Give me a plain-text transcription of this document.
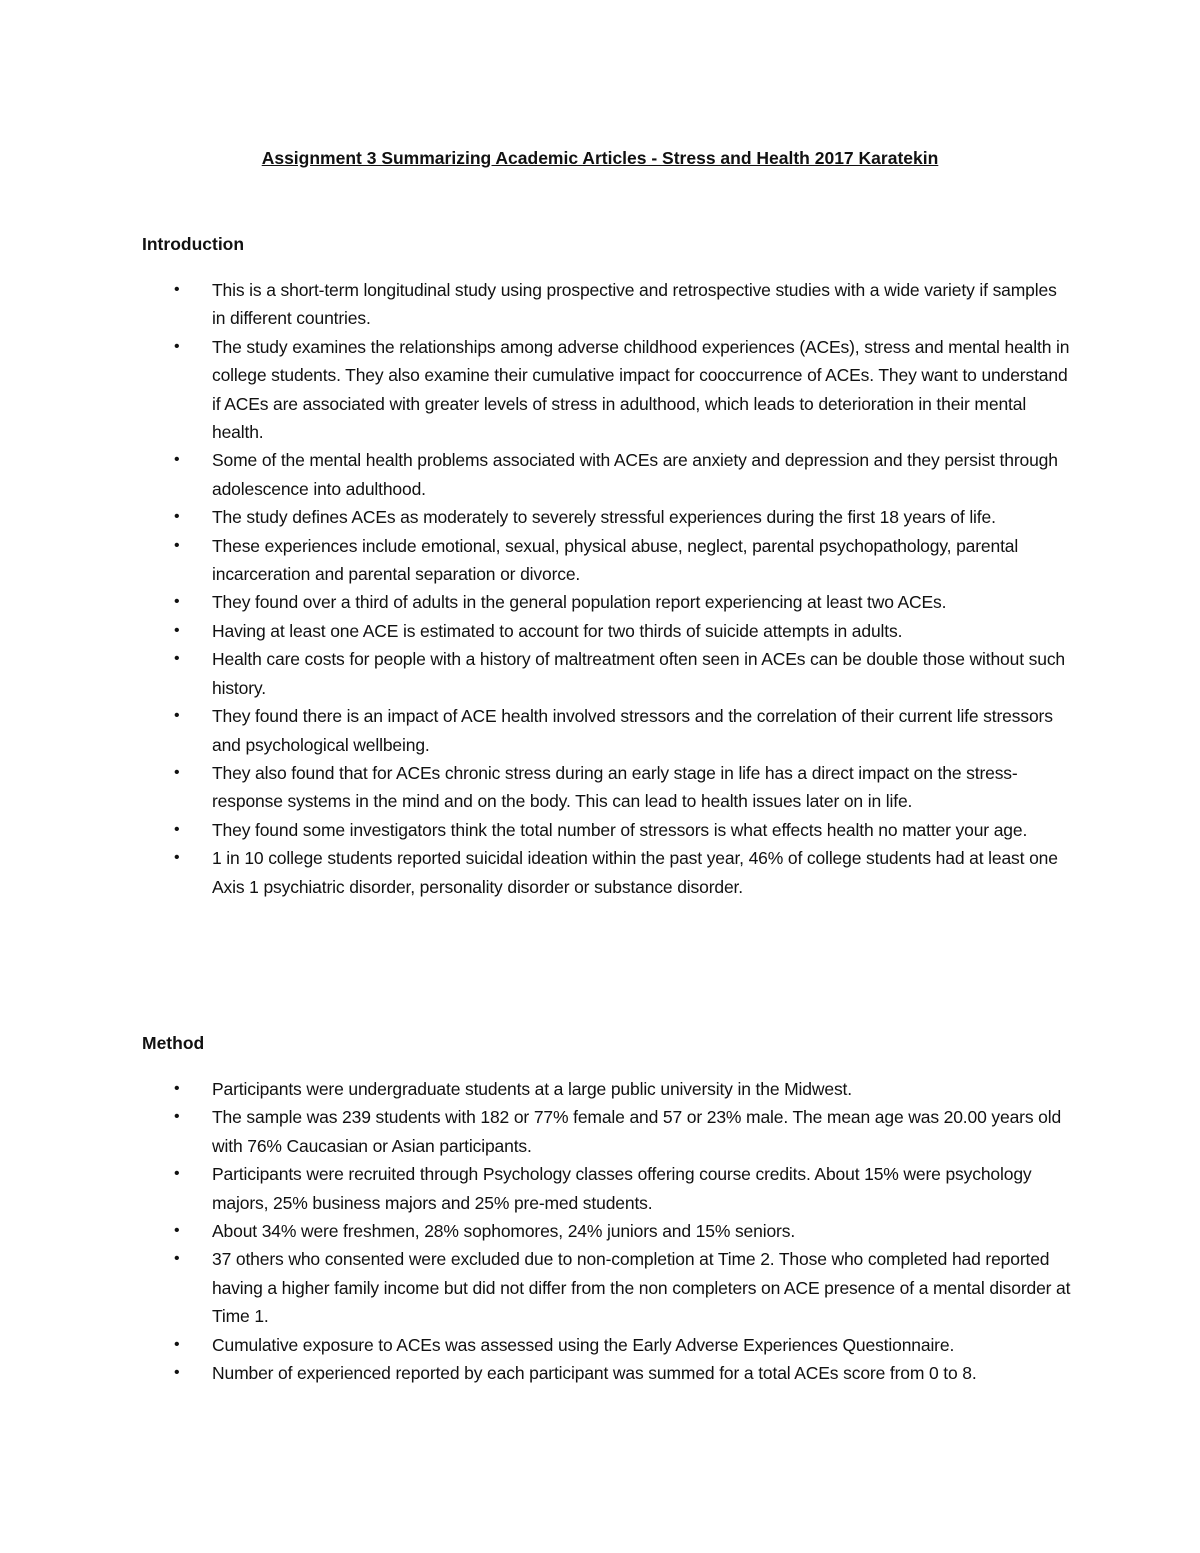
Assignment 3 Summarizing Academic Articles - Stress and Health 2017 Karatekin
Introduction
• This is a short-term longitudinal study using prospective and retrospective studies with a wide variety if samples in different countries.
• The study examines the relationships among adverse childhood experiences (ACEs), stress and mental health in college students. They also examine their cumulative impact for cooccurrence of ACEs. They want to understand if ACEs are associated with greater levels of stress in adulthood, which leads to deterioration in their mental health.
• Some of the mental health problems associated with ACEs are anxiety and depression and they persist through adolescence into adulthood.
• The study defines ACEs as moderately to severely stressful experiences during the first 18 years of life.
• These experiences include emotional, sexual, physical abuse, neglect, parental psychopathology, parental incarceration and parental separation or divorce.
• They found over a third of adults in the general population report experiencing at least two ACEs.
• Having at least one ACE is estimated to account for two thirds of suicide attempts in adults.
• Health care costs for people with a history of maltreatment often seen in ACEs can be double those without such history.
• They found there is an impact of ACE health involved stressors and the correlation of their current life stressors and psychological wellbeing.
• They also found that for ACEs chronic stress during an early stage in life has a direct impact on the stress-response systems in the mind and on the body. This can lead to health issues later on in life.
• They found some investigators think the total number of stressors is what effects health no matter your age.
• 1 in 10 college students reported suicidal ideation within the past year, 46% of college students had at least one Axis 1 psychiatric disorder, personality disorder or substance disorder.
Method
• Participants were undergraduate students at a large public university in the Midwest.
• The sample was 239 students with 182 or 77% female and 57 or 23% male. The mean age was 20.00 years old with 76% Caucasian or Asian participants.
• Participants were recruited through Psychology classes offering course credits. About 15% were psychology majors, 25% business majors and 25% pre-med students.
• About 34% were freshmen, 28% sophomores, 24% juniors and 15% seniors.
• 37 others who consented were excluded due to non-completion at Time 2. Those who completed had reported having a higher family income but did not differ from the non completers on ACE presence of a mental disorder at Time 1.
• Cumulative exposure to ACEs was assessed using the Early Adverse Experiences Questionnaire.
• Number of experienced reported by each participant was summed for a total ACEs score from 0 to 8.
